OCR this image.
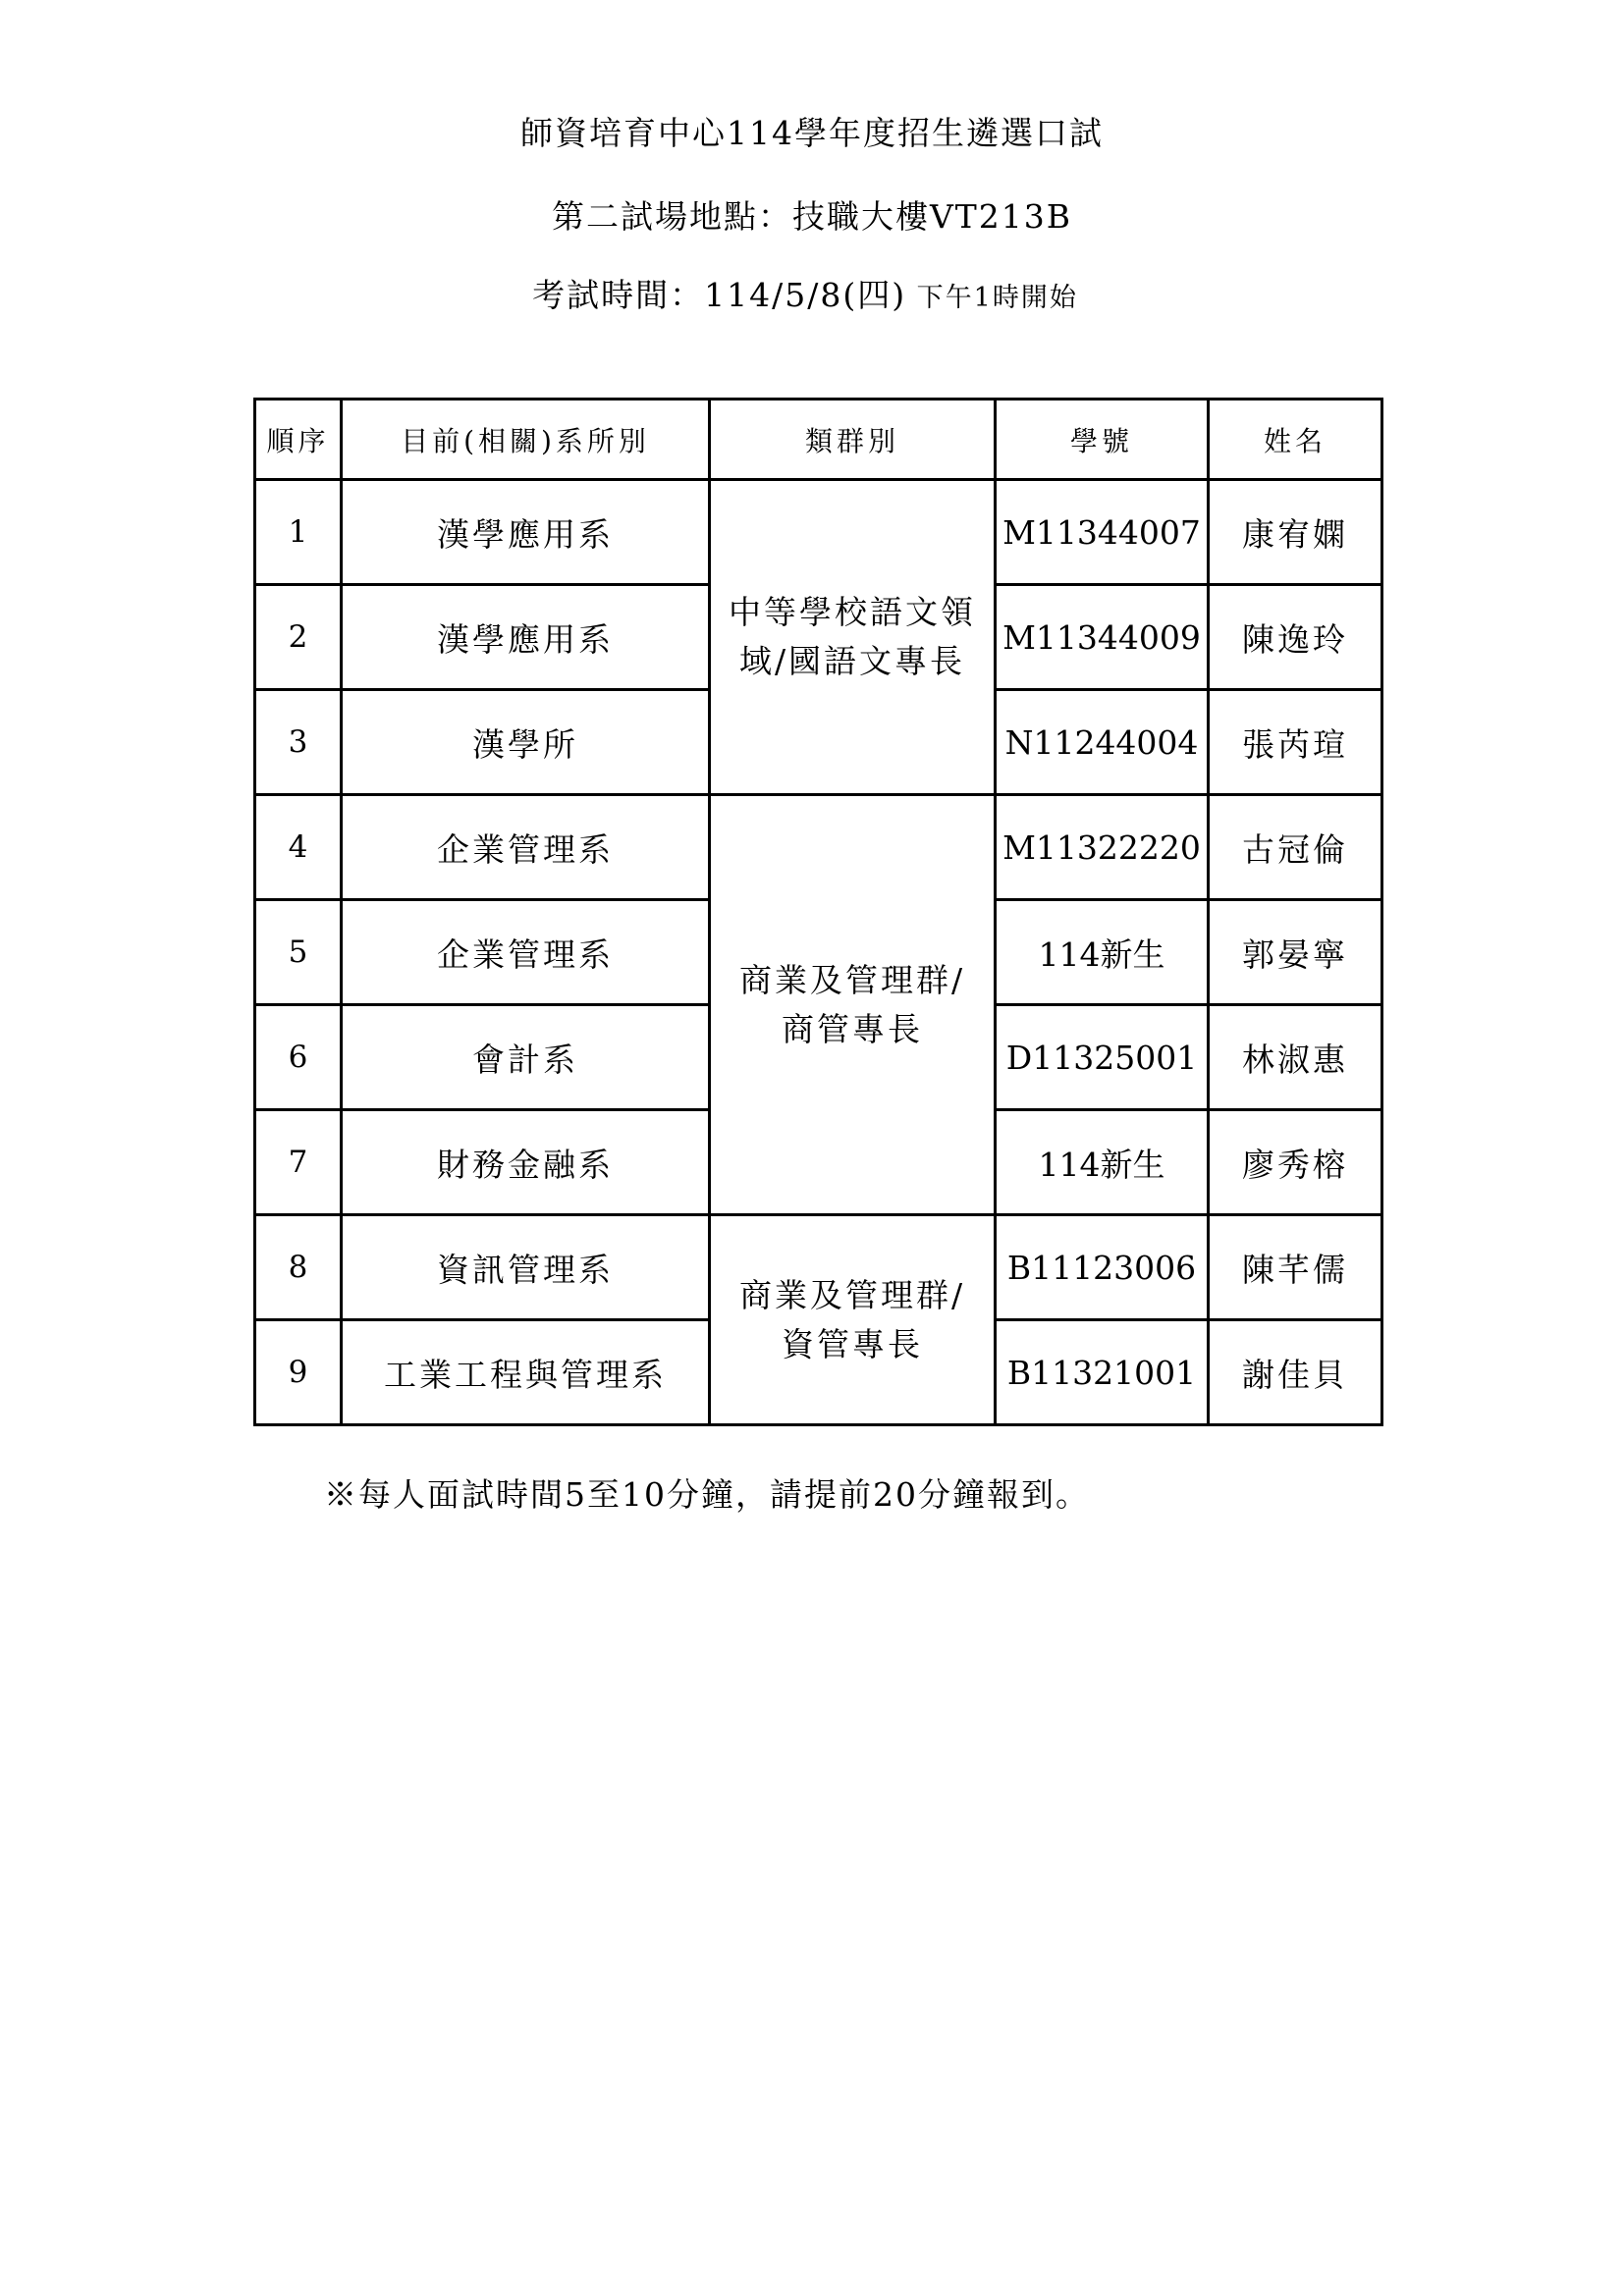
師資培育中心114學年度招生遴選口試
第二試場地點：技職大樓VT213B
考試時間：114/5/8(四) 下午1時開始
順序	目前(相關)系所別	類群別	學號	姓名
1	漢學應用系	中等學校語文領域/國語文專長	M11344007	康宥嫻
2	漢學應用系		M11344009	陳逸玲
3	漢學所		N11244004	張芮瑄
4	企業管理系	商業及管理群/商管專長	M11322220	古冠倫
5	企業管理系		114新生	郭晏寧
6	會計系		D11325001	林淑惠
7	財務金融系		114新生	廖秀榕
8	資訊管理系	商業及管理群/資管專長	B11123006	陳芊儒
9	工業工程與管理系		B11321001	謝佳貝
※每人面試時間5至10分鐘，請提前20分鐘報到。
